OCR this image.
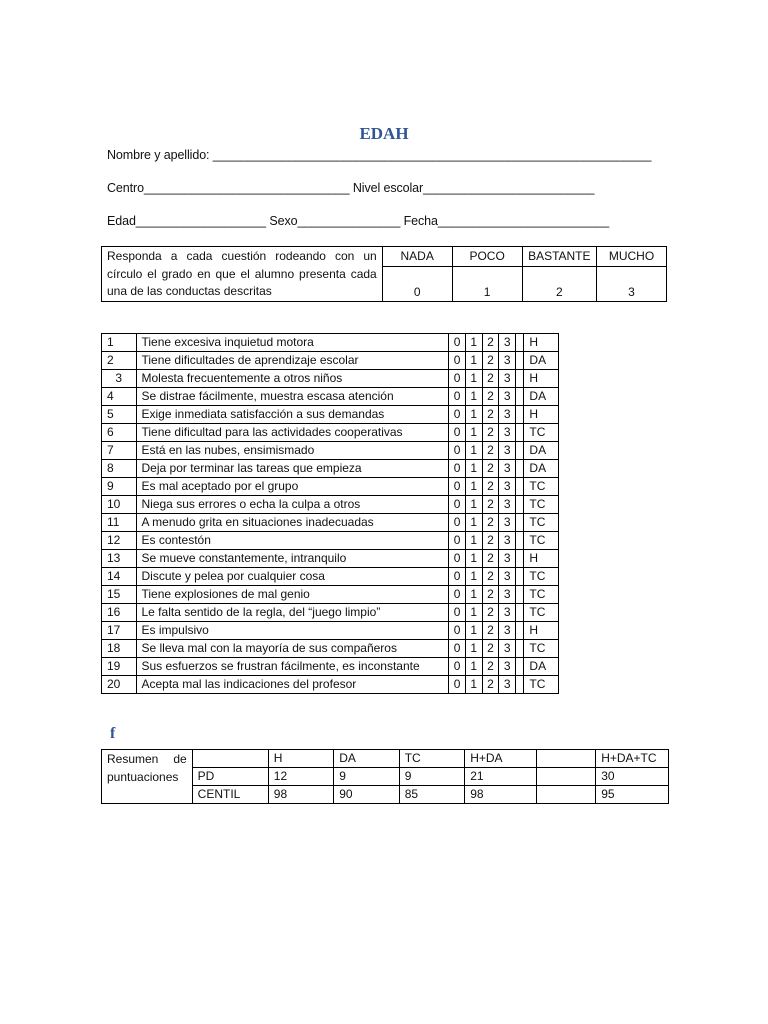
EDAH
Nombre y apellido: ________________________________________________________________
Centro______________________________ Nivel escolar_________________________
Edad___________________ Sexo_______________ Fecha_________________________
Responda a cada cuestión rodeando con un círculo el grado en que el alumno presenta cada una de las conductas descritas	NADA	POCO	BASTANTE	MUCHO
	0	1	2	3
1	Tiene excesiva inquietud motora	0	1	2	3		H
2	Tiene dificultades de aprendizaje escolar	0	1	2	3		DA
3	Molesta frecuentemente a otros niños	0	1	2	3		H
4	Se distrae fácilmente, muestra escasa atención	0	1	2	3		DA
5	Exige inmediata satisfacción a sus demandas	0	1	2	3		H
6	Tiene dificultad para las actividades cooperativas	0	1	2	3		TC
7	Está en las nubes, ensimismado	0	1	2	3		DA
8	Deja por terminar las tareas que empieza	0	1	2	3		DA
9	Es mal aceptado por el grupo	0	1	2	3		TC
10	Niega sus errores o echa la culpa a otros	0	1	2	3		TC
11	A menudo grita en situaciones inadecuadas	0	1	2	3		TC
12	Es contestón	0	1	2	3		TC
13	Se mueve constantemente, intranquilo	0	1	2	3		H
14	Discute y pelea por cualquier cosa	0	1	2	3		TC
15	Tiene explosiones de mal genio	0	1	2	3		TC
16	Le falta sentido de la regla, del “juego limpio”	0	1	2	3		TC
17	Es impulsivo	0	1	2	3		H
18	Se lleva mal con la mayoría de sus compañeros	0	1	2	3		TC
19	Sus esfuerzos se frustran fácilmente, es inconstante	0	1	2	3		DA
20	Acepta mal las indicaciones del profesor	0	1	2	3		TC
f
Resumen de
puntuaciones		H	DA	TC	H+DA		H+DA+TC
	PD	12	9	9	21		30
	CENTIL	98	90	85	98		95
